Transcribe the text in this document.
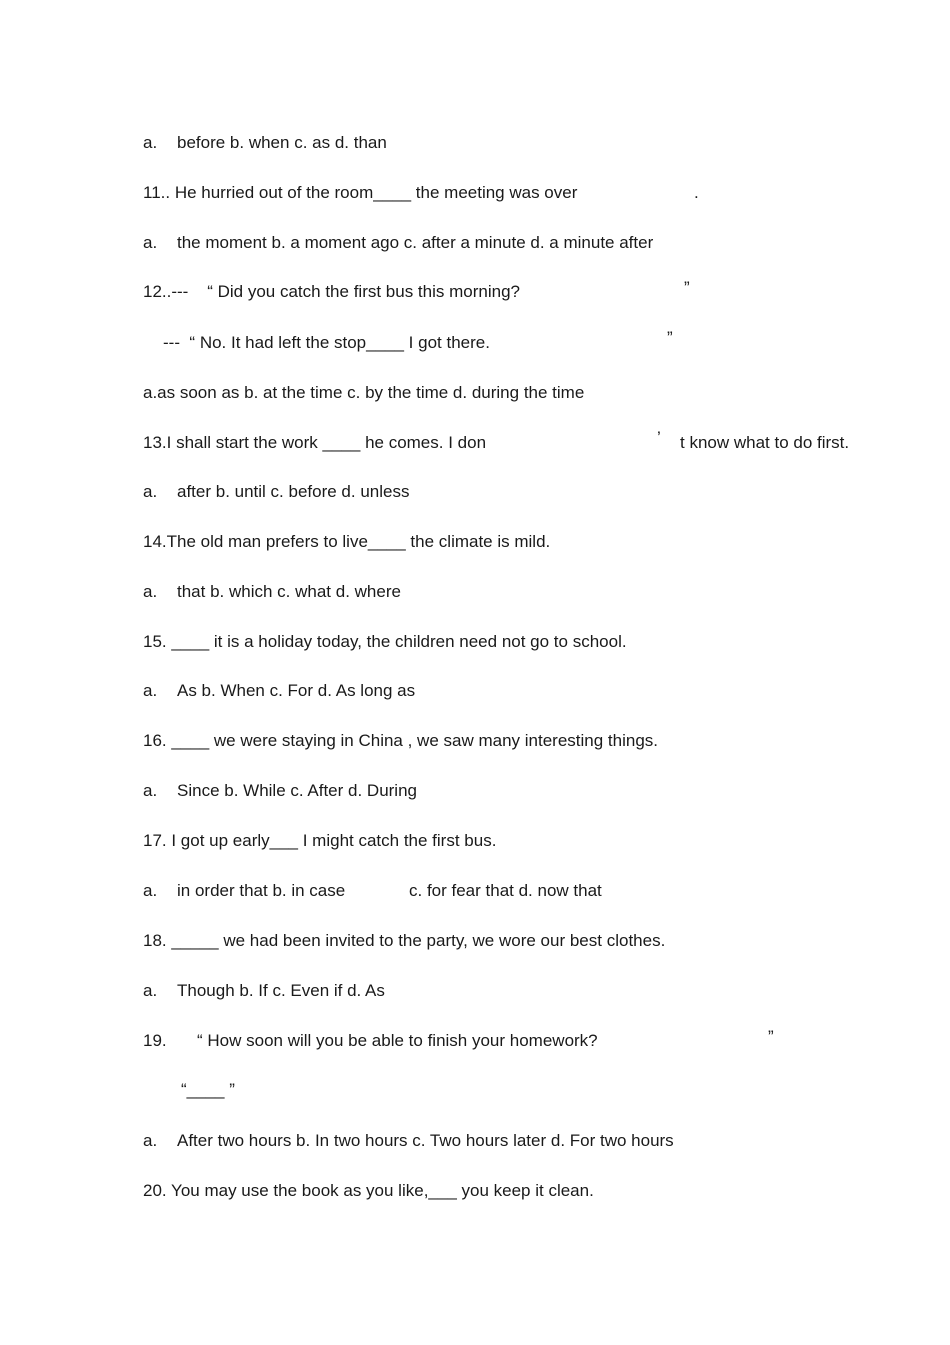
a. before b. when c. as d. than
11.. He hurried out of the room____ the meeting was over	.
a. the moment b. a moment ago c. after a minute d. a minute after
12..---    “ Did you catch the first bus this morning?	”
---  “ No. It had left the stop____ I got there.	”
a.as soon as b. at the time c. by the time d. during the time
13.I shall start the work ____ he comes. I don	’ t know what to do first.
a. after b. until c. before d. unless
14.The old man prefers to live____ the climate is mild.
a. that b. which c. what d. where
15. ____ it is a holiday today, the children need not go to school.
a. As b. When c. For d. As long as
16. ____ we were staying in China , we saw many interesting things.
a. Since b. While c. After d. During
17. I got up early___ I might catch the first bus.
a. in order that b. in case	c. for fear that d. now that
18. _____ we had been invited to the party, we wore our best clothes.
a. Though b. If c. Even if d. As
19. “ How soon will you be able to finish your homework?	”
“____ ”
a. After two hours b. In two hours c. Two hours later d. For two hours
20. You may use the book as you like,___ you keep it clean.
